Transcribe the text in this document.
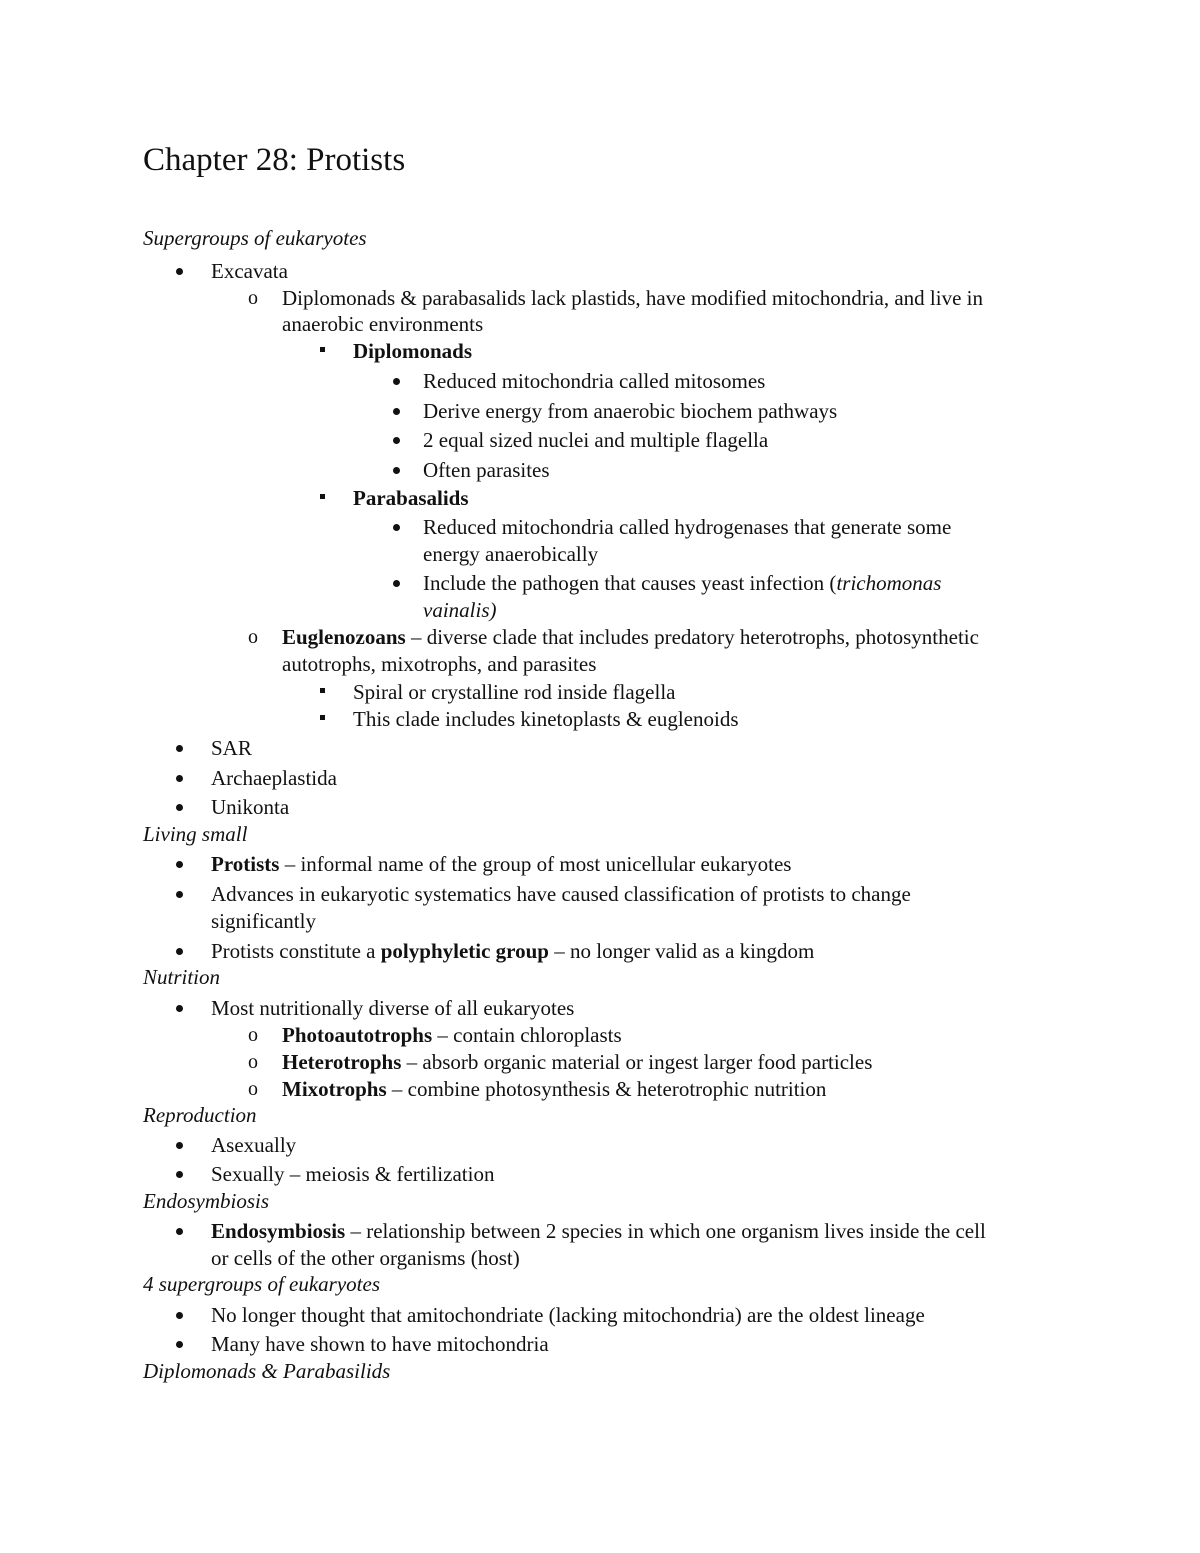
Chapter 28: Protists
Supergroups of eukaryotes
Excavata
o Diplomonads & parabasalids lack plastids, have modified mitochondria, and live in
anaerobic environments
Diplomonads
Reduced mitochondria called mitosomes
Derive energy from anaerobic biochem pathways
2 equal sized nuclei and multiple flagella
Often parasites
Parabasalids
Reduced mitochondria called hydrogenases that generate some
energy anaerobically
Include the pathogen that causes yeast infection (trichomonas
vainalis)
o Euglenozoans – diverse clade that includes predatory heterotrophs, photosynthetic
autotrophs, mixotrophs, and parasites
Spiral or crystalline rod inside flagella
This clade includes kinetoplasts & euglenoids
SAR
Archaeplastida
Unikonta
Living small
Protists – informal name of the group of most unicellular eukaryotes
Advances in eukaryotic systematics have caused classification of protists to change
significantly
Protists constitute a polyphyletic group – no longer valid as a kingdom
Nutrition
Most nutritionally diverse of all eukaryotes
o Photoautotrophs – contain chloroplasts
o Heterotrophs – absorb organic material or ingest larger food particles
o Mixotrophs – combine photosynthesis & heterotrophic nutrition
Reproduction
Asexually
Sexually – meiosis & fertilization
Endosymbiosis
Endosymbiosis – relationship between 2 species in which one organism lives inside the cell
or cells of the other organisms (host)
4 supergroups of eukaryotes
No longer thought that amitochondriate (lacking mitochondria) are the oldest lineage
Many have shown to have mitochondria
Diplomonads & Parabasilids
